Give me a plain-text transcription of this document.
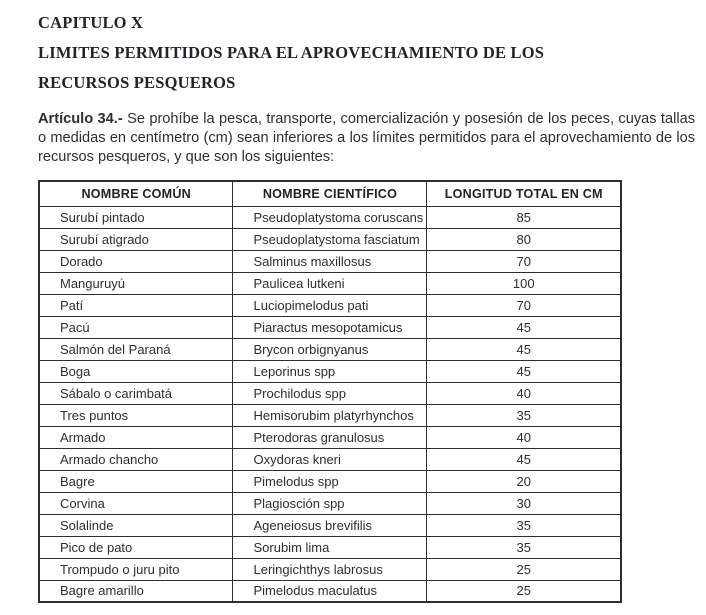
CAPITULO X
LIMITES PERMITIDOS PARA EL APROVECHAMIENTO DE LOS RECURSOS PESQUEROS

Artículo 34.- Se prohíbe la pesca, transporte, comercialización y posesión de los peces, cuyas tallas o medidas en centímetro (cm) sean inferiores a los límites permitidos para el aprovechamiento de los recursos pesqueros, y que son los siguientes:

NOMBRE COMÚN	NOMBRE CIENTÍFICO	LONGITUD TOTAL EN CM
Surubí pintado	Pseudoplatystoma coruscans	85
Surubí atigrado	Pseudoplatystoma fasciatum	80
Dorado	Salminus maxillosus	70
Manguruyú	Paulicea lutkeni	100
Patí	Luciopimelodus pati	70
Pacú	Piaractus mesopotamicus	45
Salmón del Paraná	Brycon orbignyanus	45
Boga	Leporinus spp	45
Sábalo o carimbatá	Prochilodus spp	40
Tres puntos	Hemisorubim platyrhynchos	35
Armado	Pterodoras granulosus	40
Armado chancho	Oxydoras kneri	45
Bagre	Pimelodus spp	20
Corvina	Plagiosción spp	30
Solalinde	Ageneiosus brevifilis	35
Pico de pato	Sorubim lima	35
Trompudo o juru pito	Leringichthys labrosus	25
Bagre amarillo	Pimelodus maculatus	25
